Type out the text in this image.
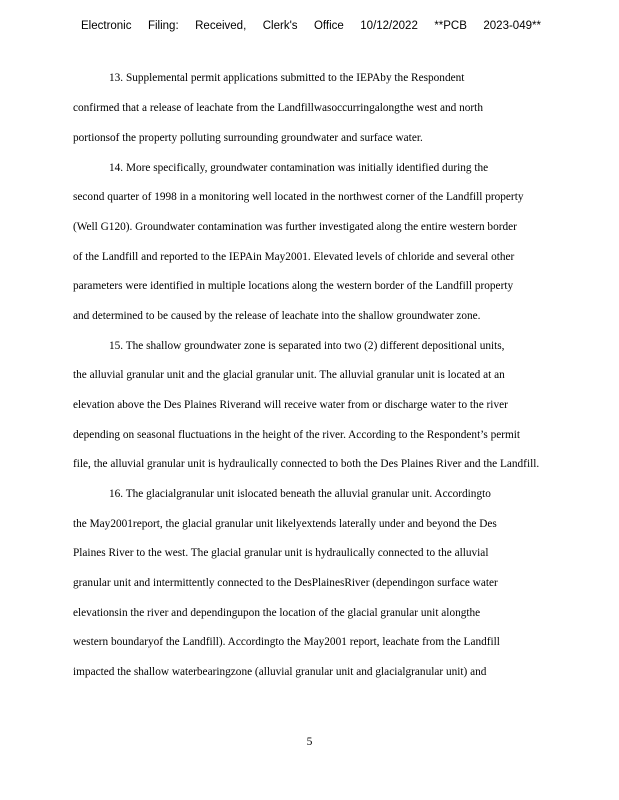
Electronic Filing: Received, Clerk's Office 10/12/2022 **PCB 2023-049**
13. Supplemental permit applications submitted to the IEPAby the Respondent
confirmed that a release of leachate from the Landfillwasoccurringalongthe west and north
portionsof the property polluting surrounding groundwater and surface water.
14. More specifically, groundwater contamination was initially identified during the
second quarter of 1998 in a monitoring well located in the northwest corner of the Landfill property
(Well G120). Groundwater contamination was further investigated along the entire western border
of the Landfill and reported to the IEPAin May2001. Elevated levels of chloride and several other
parameters were identified in multiple locations along the western border of the Landfill property
and determined to be caused by the release of leachate into the shallow groundwater zone.
15. The shallow groundwater zone is separated into two (2) different depositional units,
the alluvial granular unit and the glacial granular unit. The alluvial granular unit is located at an
elevation above the Des Plaines Riverand will receive water from or discharge water to the river
depending on seasonal fluctuations in the height of the river. According to the Respondent’s permit
file, the alluvial granular unit is hydraulically connected to both the Des Plaines River and the Landfill.
16. The glacialgranular unit islocated beneath the alluvial granular unit. Accordingto
the May2001report, the glacial granular unit likelyextends laterally under and beyond the Des
Plaines River to the west. The glacial granular unit is hydraulically connected to the alluvial
granular unit and intermittently connected to the DesPlainesRiver (dependingon surface water
elevationsin the river and dependingupon the location of the glacial granular unit alongthe
western boundaryof the Landfill). Accordingto the May2001 report, leachate from the Landfill
impacted the shallow waterbearingzone (alluvial granular unit and glacialgranular unit) and
5
